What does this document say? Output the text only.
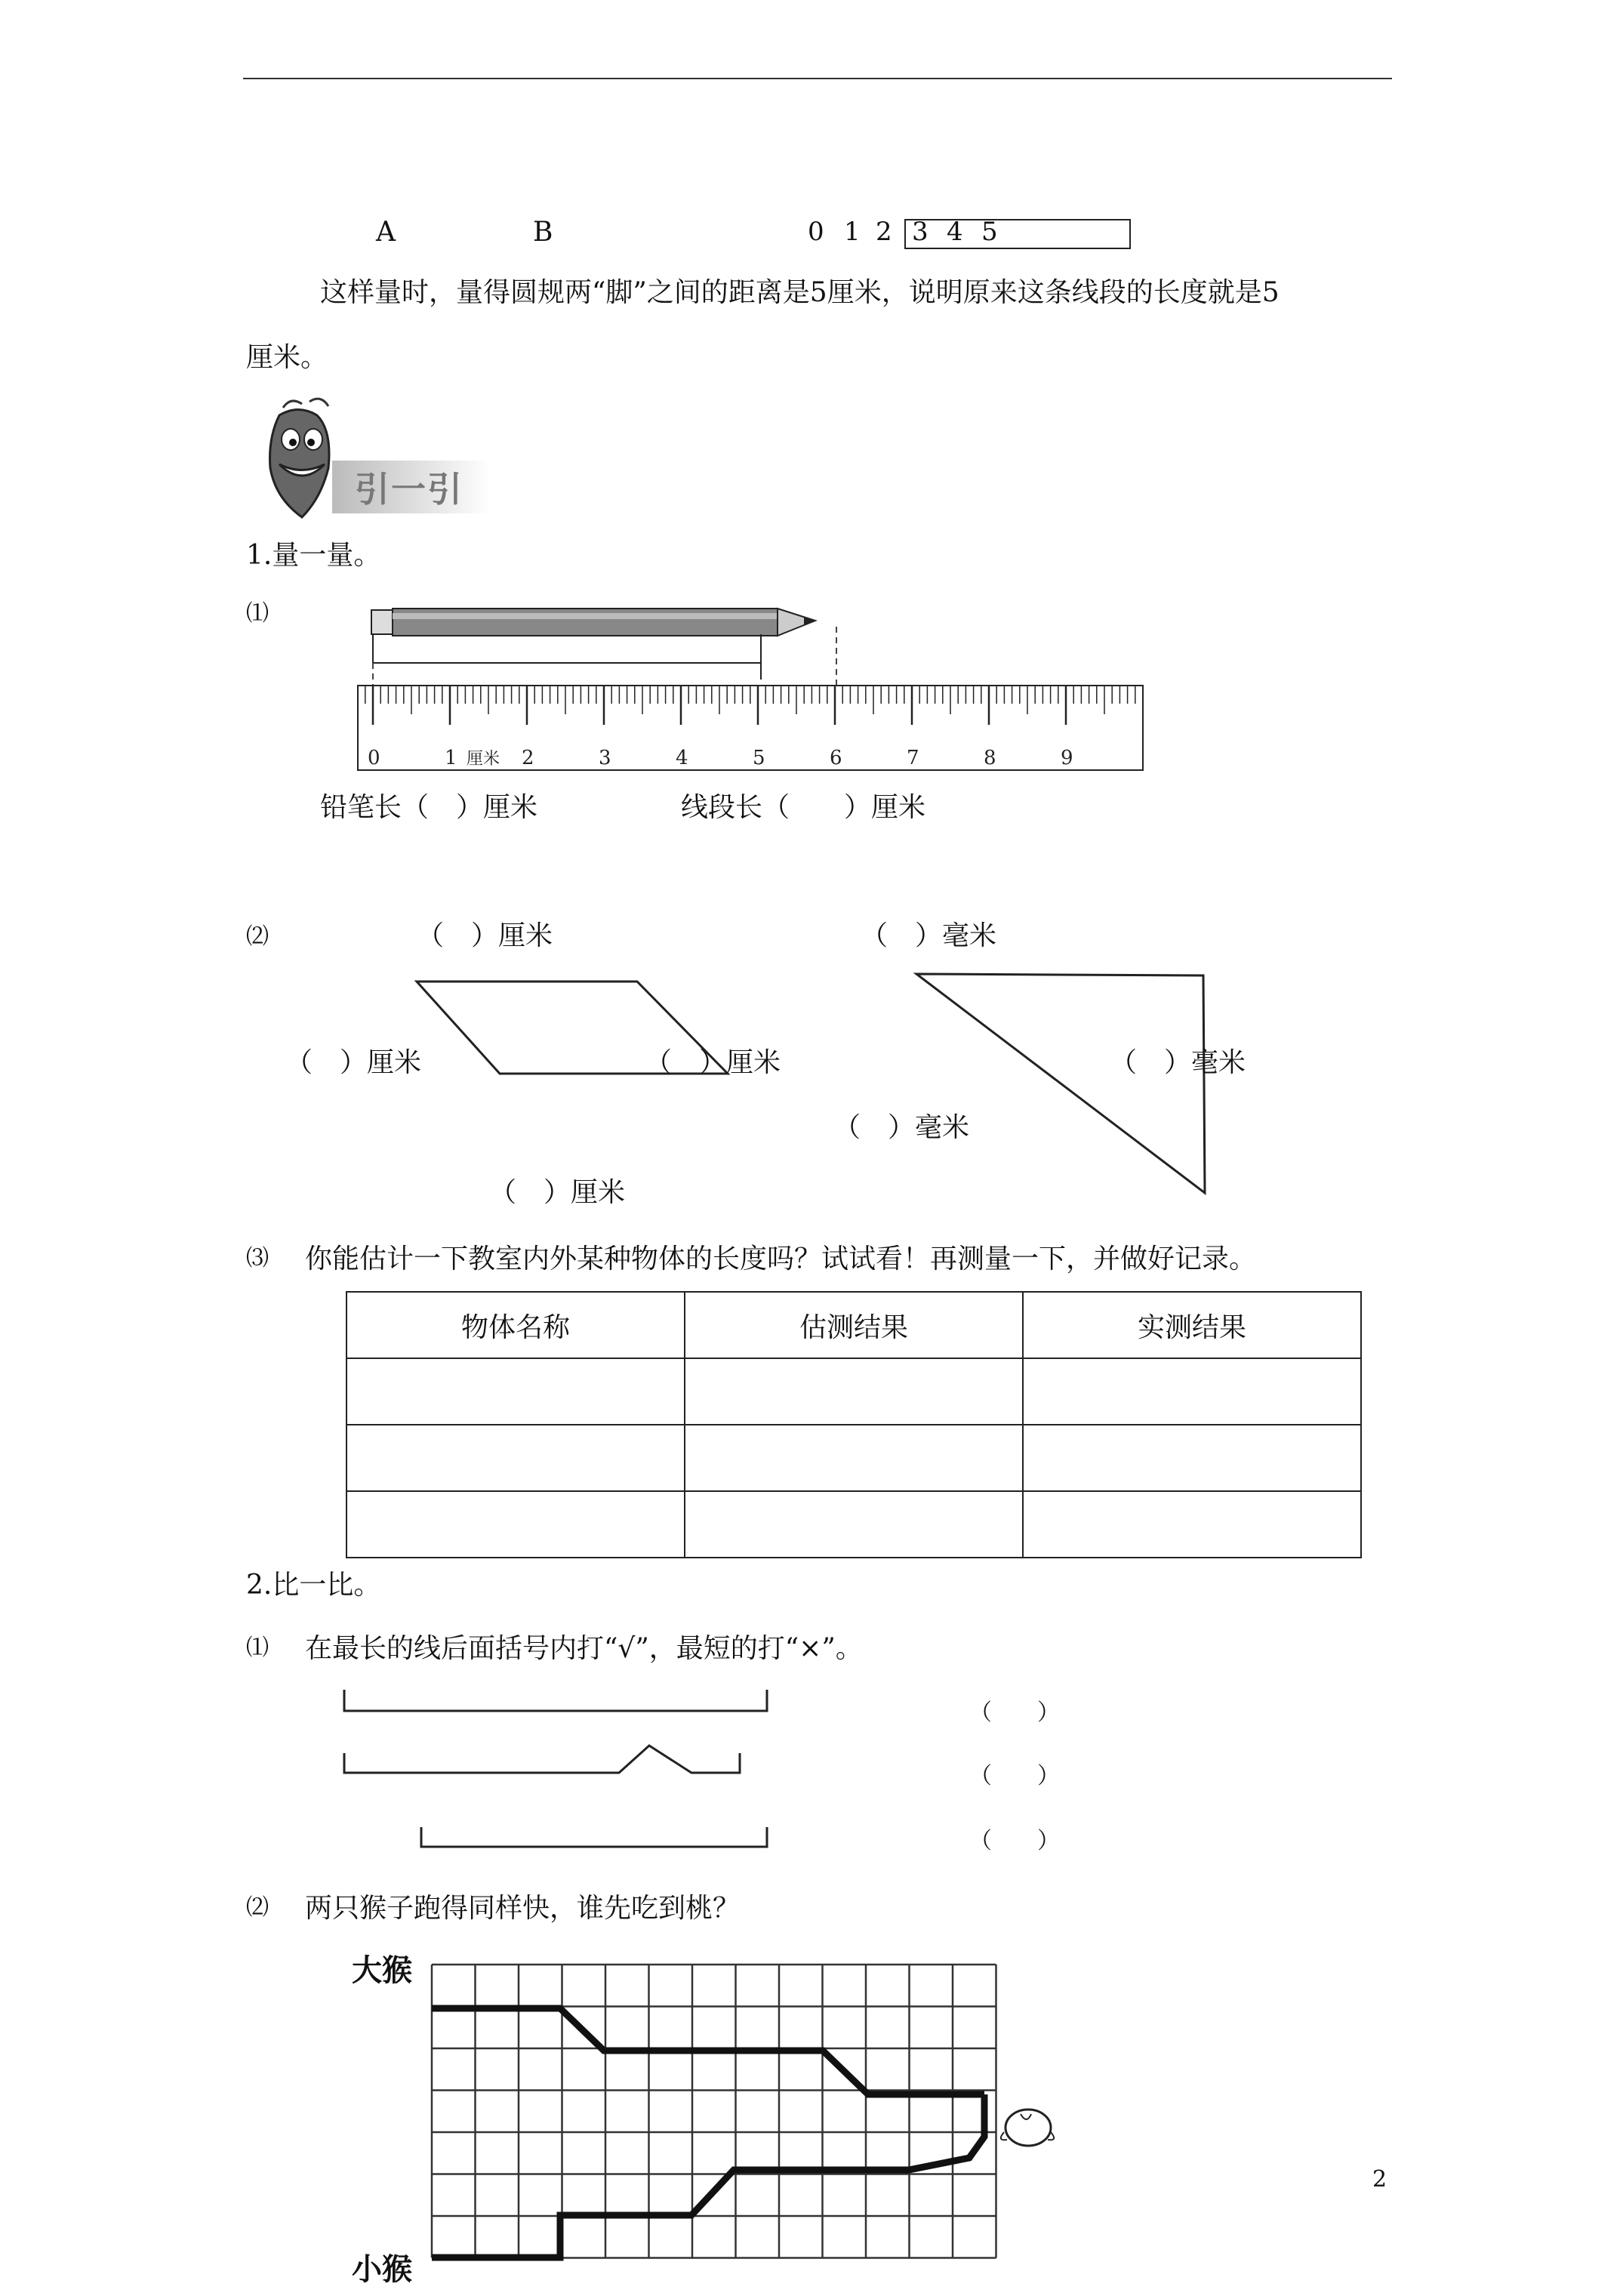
A	B	0 1 2 3 4 5
这样量时，量得圆规两“脚”之间的距离是5厘米，说明原来这条线段的长度就是5
厘米。
引一引
1.量一量。
⑴
0	1	2	3	4	5	6	7	8	9
厘米
铅笔长（　）厘米	线段长（　　）厘米
⑵	（　）厘米	（　）毫米
（　）厘米	（　）厘米	（　）毫米
（　）毫米
（　）厘米
⑶ 你能估计一下教室内外某种物体的长度吗？试试看！再测量一下，并做好记录。
物体名称	估测结果	实测结果

2.比一比。
⑴ 在最长的线后面括号内打“√”，最短的打“×”。
（　　）
（　　）
（　　）
⑵ 两只猴子跑得同样快，谁先吃到桃？
大猴
小猴
2
